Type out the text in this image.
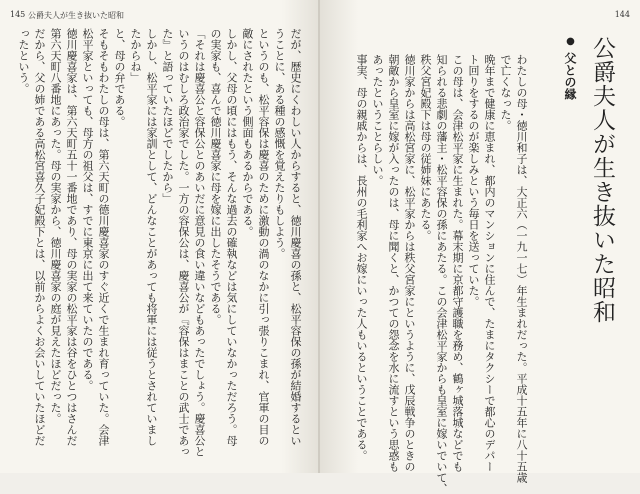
145 公爵夫人が生き抜いた昭和
だが、歴史にくわしい人からすると、徳川慶喜の孫と、松平容保の孫が結婚するとい
うことに、ある種の感慨を覚えたりもしよう。
というのも、松平容保は慶喜のために激動の渦のなかに引っ張りこまれ、官軍の目の
敵にされたという側面もあるからである。
しかし、父母の頃にはもう、そんな過去の確執などは気にしていなかっただろう。母
の実家も、喜んで徳川慶喜家に母を嫁に出したそうである。
「それは慶喜公と容保公とのあいだに意見の食い違いなどもあったでしょう。慶喜公と
いうのはむしろ政治家でした。一方の容保公は、慶喜公が『容保はまことの武士であっ
た』と語っていたほどでしたから」
しかし、松平家には家訓として、どんなことがあっても将軍には従うとされていまし
たからね」
と、母の弁である。
そもそもわたしの母は、第六天町の德川慶喜家のすぐ近くで生まれ育っていた。会津
松平家といっても、母方の祖父は、すでに東京に出て来ていたのである。
徳川慶喜家は、第六天町五十一番地であり、母の実家の松平家は谷をひとつはさんだ
第六天町八番地にあった。母の実家から、徳川慶喜家の庭が見えたほどだった。
だから、父の姉である高松宮喜久子妃殿下とは、以前からよくお会いしていたほどだ
ったという。
144
公爵夫人が生き抜いた昭和
●
父との縁
わたしの母・徳川和子は、大正六（一九一七）年生まれだった。平成十五年に八十五歳
で亡くなった。
晩年まで健康に恵まれ、都内のマンションに住んで、たまにタクシーで都心のデパー
ト回りをするのが楽しみという毎日を送っていた。
この母は、会津松平家に生まれた。幕末期に京都守護職を務め、鶴ヶ城落城などでも
知られる悲劇の藩主・松平容保の孫にあたる。この会津松平家からも皇室に嫁いでいて、
秩父宮妃殿下は母の従姉妹にあたる。
徳川家からは高松宮家に、松平家からは秩父宮家にというように、戊辰戦争のときの
朝敵から皇室に嫁が入ったのは、母に聞くと、かつての怨念を水に流すという思惑も
あったということらしい。
事実、母の親戚からは、長州の毛利家へお嫁にいった人もいるということである。
